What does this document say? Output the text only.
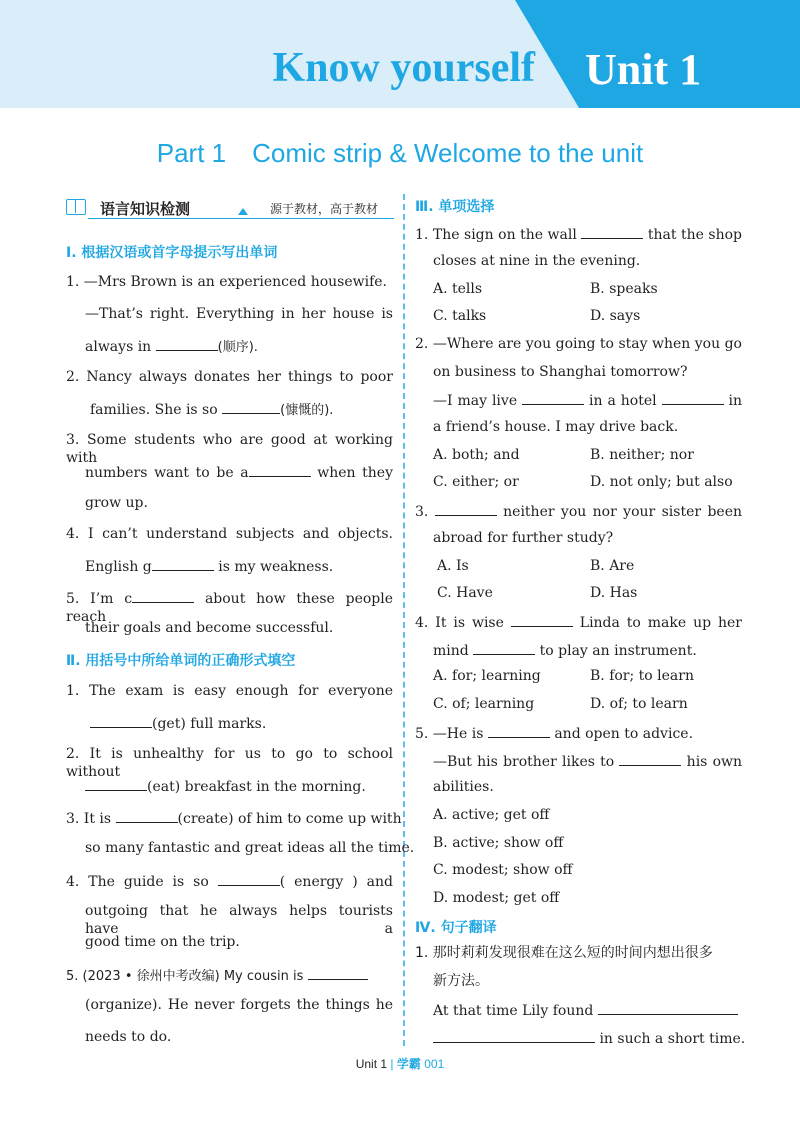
Know yourself Unit 1
Part 1 Comic strip & Welcome to the unit
语言知识检测	源于教材，高于教材
Ⅰ. 根据汉语或首字母提示写出单词
1. —Mrs Brown is an experienced housewife.
—That’s right. Everything in her house is
always in	(顺序).
2. Nancy always donates her things to poor
families. She is so	(慷慨的).
3. Some students who are good at working with
numbers want to be a	when they
grow up.
4. I can’t understand subjects and objects.
English g	is my weakness.
5. I’m c	about how these people reach
their goals and become successful.
Ⅱ. 用括号中所给单词的正确形式填空
1. The exam is easy enough for everyone
(get) full marks.
2. It is unhealthy for us to go to school without
(eat) breakfast in the morning.
3. It is	(create) of him to come up with
so many fantastic and great ideas all the time.
4. The guide is so	( energy ) and
outgoing that he always helps tourists have a
good time on the trip.
5. (2023 • 徐州中考改编) My cousin is
(organize). He never forgets the things he
needs to do.
Ⅲ. 单项选择
1. The sign on the wall	that the shop
closes at nine in the evening.
A. tells	B. speaks
C. talks	D. says
2. —Where are you going to stay when you go
on business to Shanghai tomorrow?
—I may live	in a hotel	in
a friend’s house. I may drive back.
A. both; and	B. neither; nor
C. either; or	D. not only; but also
3.	neither you nor your sister been
abroad for further study?
A. Is	B. Are
C. Have	D. Has
4. It is wise	Linda to make up her
mind	to play an instrument.
A. for; learning	B. for; to learn
C. of; learning	D. of; to learn
5. —He is	and open to advice.
—But his brother likes to	his own
abilities.
A. active; get off
B. active; show off
C. modest; show off
D. modest; get off
Ⅳ. 句子翻译
1. 那时莉莉发现很难在这么短的时间内想出很多
新方法。
At that time Lily found
in such a short time.
Unit 1 | 学霸 001
